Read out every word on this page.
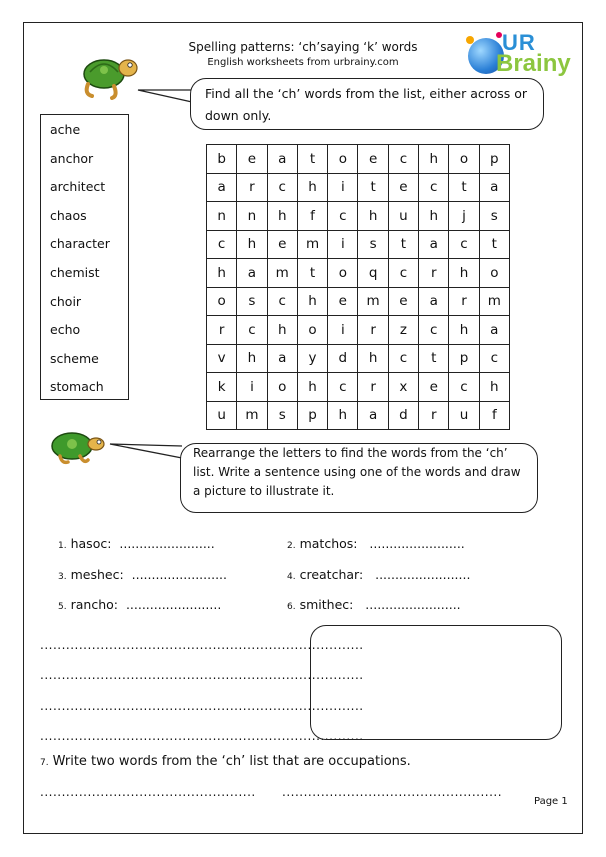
Spelling patterns: ‘ch’saying ‘k’ words
English worksheets from urbrainy.com
UR
Brainy
Find all the ‘ch’ words from the list, either across or down only.
ache
anchor
architect
chaos
character
chemist
choir
echo
scheme
stomach
b	e	a	t	o	e	c	h	o	p
a	r	c	h	i	t	e	c	t	a
n	n	h	f	c	h	u	h	j	s
c	h	e	m	i	s	t	a	c	t
h	a	m	t	o	q	c	r	h	o
o	s	c	h	e	m	e	a	r	m
r	c	h	o	i	r	z	c	h	a
v	h	a	y	d	h	c	t	p	c
k	i	o	h	c	r	x	e	c	h
u	m	s	p	h	a	d	r	u	f
Rearrange the letters to find the words from the ‘ch’ list. Write a sentence using one of the words and draw a picture to illustrate it.
1. hasoc: ........................	2. matchos: ........................
3. meshec: ........................	4. creatchar: ........................
5. rancho: ........................	6. smithec: ........................
...........................................................................
...........................................................................
...........................................................................
...........................................................................
7. Write two words from the ‘ch’ list that are occupations.
.................................................. ...................................................
Page 1
